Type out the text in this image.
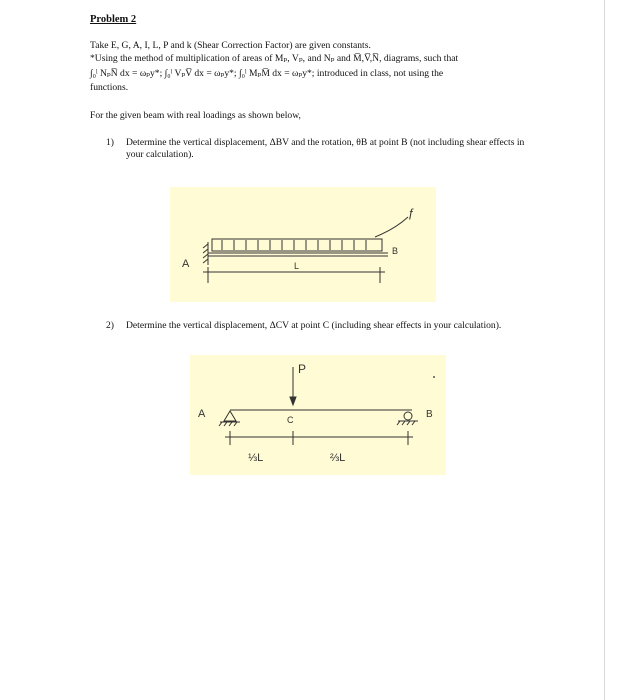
Problem 2
Take E, G, A, I, L, P and k (Shear Correction Factor) are given constants.
*Using the method of multiplication of areas of Mₚ, Vₚ, and Nₚ and M̅,V̅,N̅, diagrams, such that
∫₀ˡ NₚN̅ dx = ωₚy*; ∫₀ˡ VₚV̅ dx = ωₚy*; ∫₀ˡ MₚM̅ dx = ωₚy*; introduced in class, not using the
functions.
For the given beam with real loadings as shown below,
1) Determine the vertical displacement, ΔBV and the rotation, θB at point B (not including shear effects in your calculation).
A
B
L
ƒ
2) Determine the vertical displacement, ΔCV at point C (including shear effects in your calculation).
P
A	B
C
⅓L	⅔L
